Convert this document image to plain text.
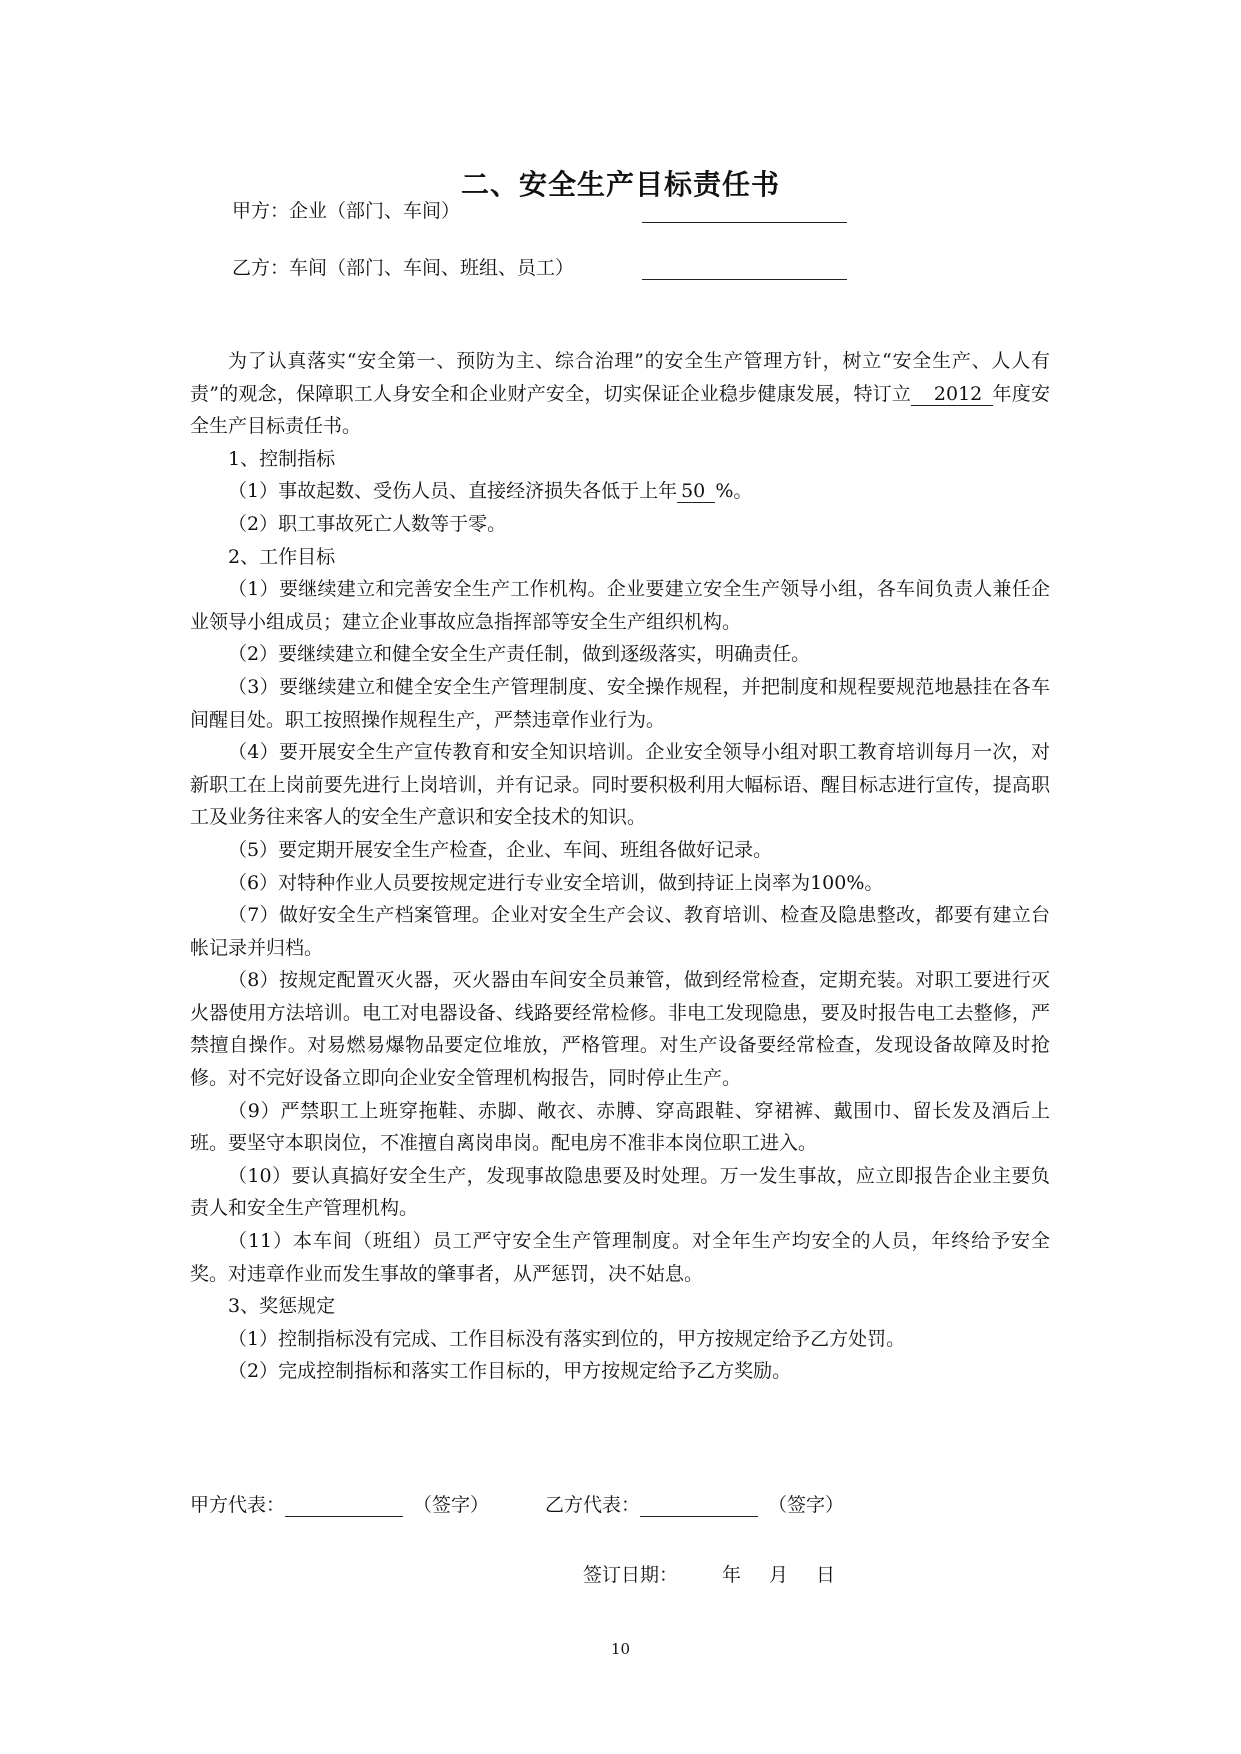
二、安全生产目标责任书
甲方：企业（部门、车间）
乙方：车间（部门、车间、班组、员工）

为了认真落实“安全第一、预防为主、综合治理”的安全生产管理方针，树立“安全生产、人人有责”的观念，保障职工人身安全和企业财产安全，切实保证企业稳步健康发展，特订立 2012 年度安全生产目标责任书。

1、控制指标

（1）事故起数、受伤人员、直接经济损失各低于上年 50 %。

（2）职工事故死亡人数等于零。

2、工作目标

（1）要继续建立和完善安全生产工作机构。企业要建立安全生产领导小组，各车间负责人兼任企业领导小组成员；建立企业事故应急指挥部等安全生产组织机构。

（2）要继续建立和健全安全生产责任制，做到逐级落实，明确责任。

（3）要继续建立和健全安全生产管理制度、安全操作规程，并把制度和规程要规范地悬挂在各车间醒目处。职工按照操作规程生产，严禁违章作业行为。

（4）要开展安全生产宣传教育和安全知识培训。企业安全领导小组对职工教育培训每月一次，对新职工在上岗前要先进行上岗培训，并有记录。同时要积极利用大幅标语、醒目标志进行宣传，提高职工及业务往来客人的安全生产意识和安全技术的知识。

（5）要定期开展安全生产检查，企业、车间、班组各做好记录。

（6）对特种作业人员要按规定进行专业安全培训，做到持证上岗率为100%。

（7）做好安全生产档案管理。企业对安全生产会议、教育培训、检查及隐患整改，都要有建立台帐记录并归档。

（8）按规定配置灭火器，灭火器由车间安全员兼管，做到经常检查，定期充装。对职工要进行灭火器使用方法培训。电工对电器设备、线路要经常检修。非电工发现隐患，要及时报告电工去整修，严禁擅自操作。对易燃易爆物品要定位堆放，严格管理。对生产设备要经常检查，发现设备故障及时抢修。对不完好设备立即向企业安全管理机构报告，同时停止生产。

（9）严禁职工上班穿拖鞋、赤脚、敞衣、赤膊、穿高跟鞋、穿裙裤、戴围巾、留长发及酒后上班。要坚守本职岗位，不准擅自离岗串岗。配电房不准非本岗位职工进入。

（10）要认真搞好安全生产，发现事故隐患要及时处理。万一发生事故，应立即报告企业主要负责人和安全生产管理机构。

（11）本车间（班组）员工严守安全生产管理制度。对全年生产均安全的人员，年终给予安全奖。对违章作业而发生事故的肇事者，从严惩罚，决不姑息。

3、奖惩规定

（1）控制指标没有完成、工作目标没有落实到位的，甲方按规定给予乙方处罚。

（2）完成控制指标和落实工作目标的，甲方按规定给予乙方奖励。

甲方代表：	（签字）	乙方代表：	（签字）
签订日期： 年 月 日
10
